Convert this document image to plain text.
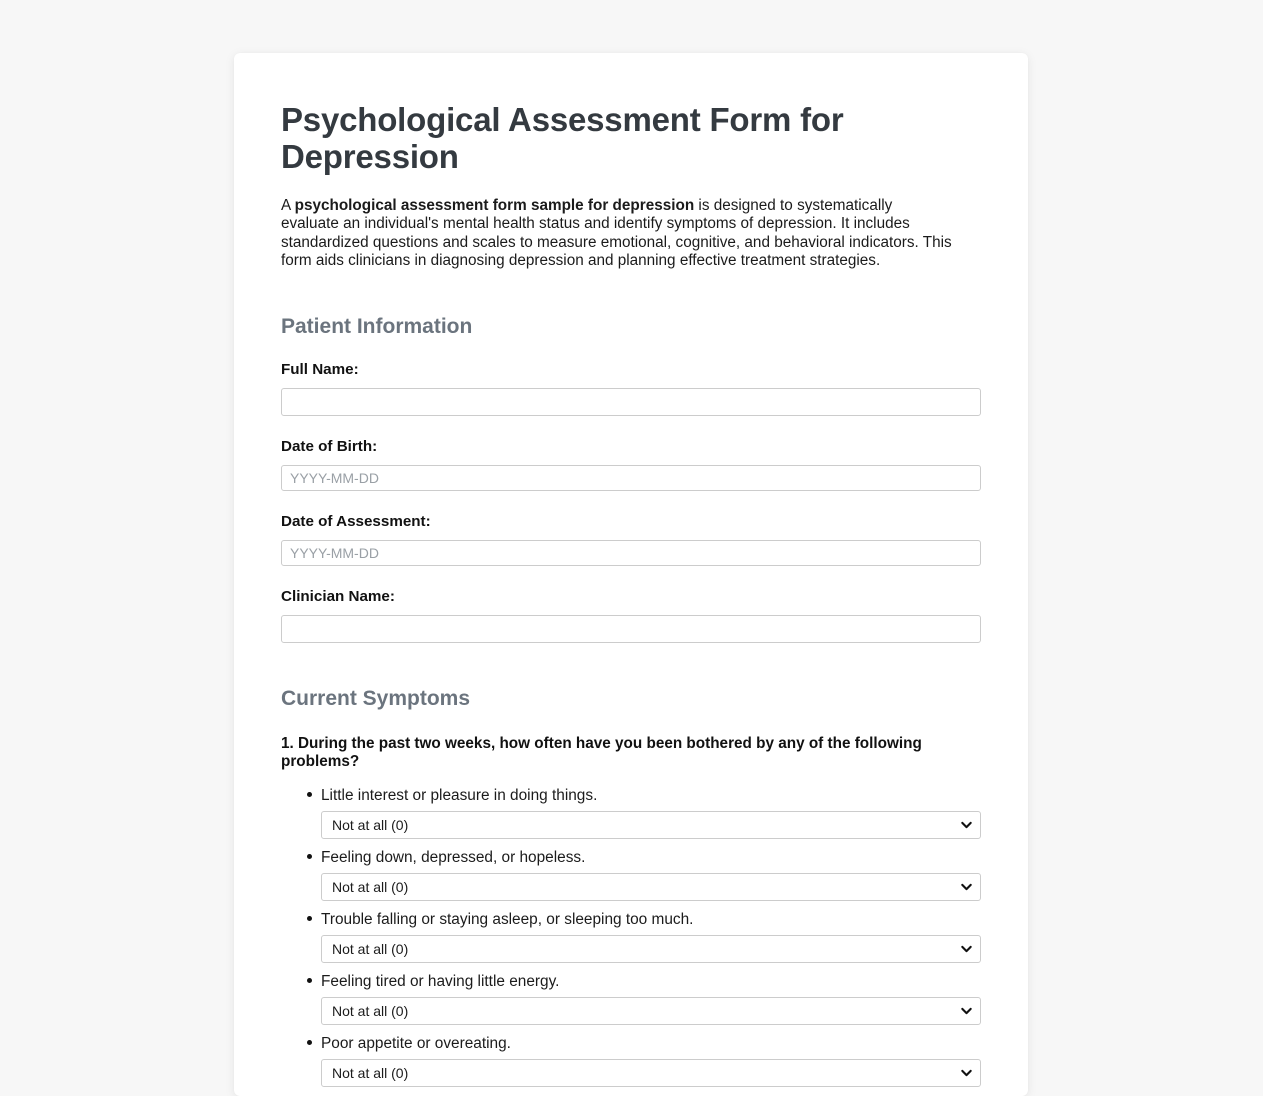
Psychological Assessment Form for Depression

A psychological assessment form sample for depression is designed to systematically evaluate an individual's mental health status and identify symptoms of depression. It includes standardized questions and scales to measure emotional, cognitive, and behavioral indicators. This form aids clinicians in diagnosing depression and planning effective treatment strategies.

Patient Information
Full Name:
Date of Birth:
YYYY-MM-DD
Date of Assessment:
YYYY-MM-DD
Clinician Name:
Current Symptoms

1. During the past two weeks, how often have you been bothered by any of the following problems?

Little interest or pleasure in doing things.
Not at all (0)
Feeling down, depressed, or hopeless.
Not at all (0)
Trouble falling or staying asleep, or sleeping too much.
Not at all (0)
Feeling tired or having little energy.
Not at all (0)
Poor appetite or overeating.
Not at all (0)
